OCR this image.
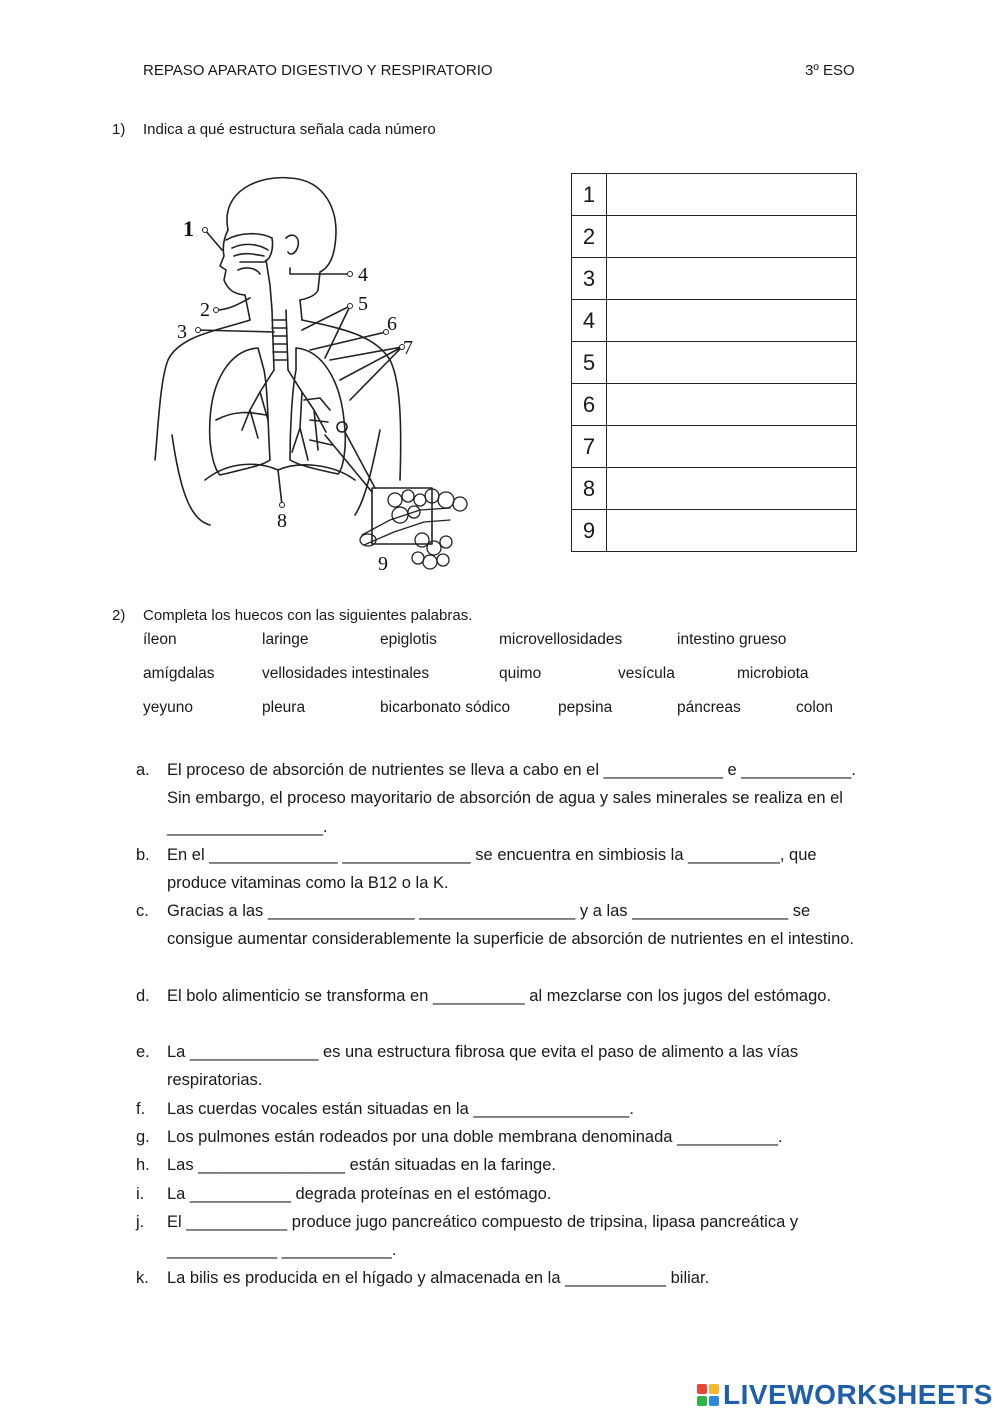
REPASO APARATO DIGESTIVO Y RESPIRATORIO	3º ESO
1) Indica a qué estructura señala cada número
1
2
3
4
5
6
7
8
9
1	
2	
3	
4	
5	
6	
7	
8	
9	
2) Completa los huecos con las siguientes palabras.
íleon	laringe	epiglotis	microvellosidades	intestino grueso
amígdalas	vellosidades intestinales	quimo	vesícula	microbiota
yeyuno	pleura	bicarbonato sódico	pepsina	páncreas	colon
a. El proceso de absorción de nutrientes se lleva a cabo en el _____________ e ____________. Sin embargo, el proceso mayoritario de absorción de agua y sales minerales se realiza en el _________________.
b. En el ______________ ______________ se encuentra en simbiosis la __________, que produce vitaminas como la B12 o la K.
c. Gracias a las ________________ _________________ y a las _________________ se consigue aumentar considerablemente la superficie de absorción de nutrientes en el intestino.
d. El bolo alimenticio se transforma en __________ al mezclarse con los jugos del estómago.
e. La ______________ es una estructura fibrosa que evita el paso de alimento a las vías respiratorias.
f. Las cuerdas vocales están situadas en la _________________.
g. Los pulmones están rodeados por una doble membrana denominada ___________.
h. Las ________________ están situadas en la faringe.
i. La ___________ degrada proteínas en el estómago.
j. El ___________ produce jugo pancreático compuesto de tripsina, lipasa pancreática y ____________ ____________.
k. La bilis es producida en el hígado y almacenada en la ___________ biliar.
LIVEWORKSHEETS
